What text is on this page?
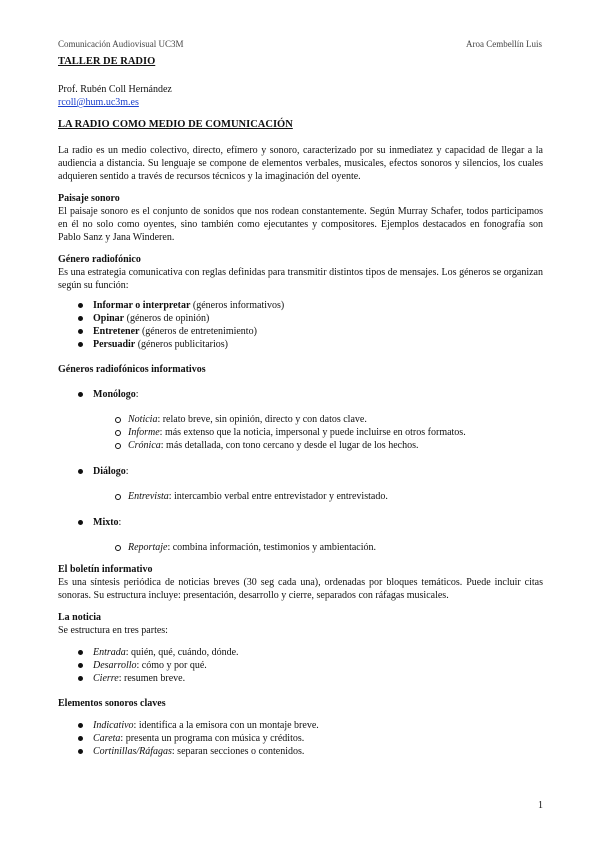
Comunicación Audiovisual UC3M	Aroa Cembellín Luis
TALLER DE RADIO
Prof. Rubén Coll Hernández
rcoll@hum.uc3m.es
LA RADIO COMO MEDIO DE COMUNICACIÓN

La radio es un medio colectivo, directo, efímero y sonoro, caracterizado por su inmediatez y capacidad de llegar a la audiencia a distancia. Su lenguaje se compone de elementos verbales, musicales, efectos sonoros y silencios, los cuales adquieren sentido a través de recursos técnicos y la imaginación del oyente.

Paisaje sonoro

El paisaje sonoro es el conjunto de sonidos que nos rodean constantemente. Según Murray Schafer, todos participamos en él no solo como oyentes, sino también como ejecutantes y compositores. Ejemplos destacados en fonografía son Pablo Sanz y Jana Winderen.

Género radiofónico

Es una estrategia comunicativa con reglas definidas para transmitir distintos tipos de mensajes. Los géneros se organizan según su función:

Informar o interpretar (géneros informativos)
Opinar (géneros de opinión)
Entretener (géneros de entretenimiento)
Persuadir (géneros publicitarios)
Géneros radiofónicos informativos
Monólogo:
Noticia: relato breve, sin opinión, directo y con datos clave.
Informe: más extenso que la noticia, impersonal y puede incluirse en otros formatos.
Crónica: más detallada, con tono cercano y desde el lugar de los hechos.
Diálogo:
Entrevista: intercambio verbal entre entrevistador y entrevistado.
Mixto:
Reportaje: combina información, testimonios y ambientación.
El boletín informativo

Es una síntesis periódica de noticias breves (30 seg cada una), ordenadas por bloques temáticos. Puede incluir citas sonoras. Su estructura incluye: presentación, desarrollo y cierre, separados con ráfagas musicales.

La noticia

Se estructura en tres partes:

Entrada: quién, qué, cuándo, dónde.
Desarrollo: cómo y por qué.
Cierre: resumen breve.
Elementos sonoros claves
Indicativo: identifica a la emisora con un montaje breve.
Careta: presenta un programa con música y créditos.
Cortinillas/Ráfagas: separan secciones o contenidos.
1
